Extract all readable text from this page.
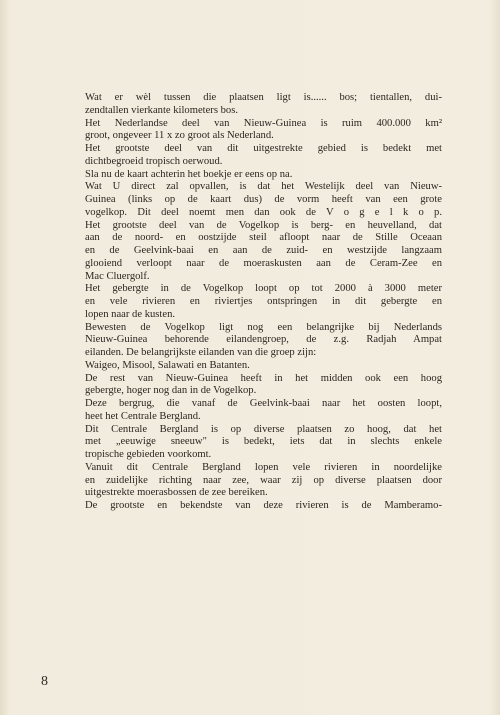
Wat er wèl tussen die plaatsen ligt is...... bos; tientallen, dui-
zendtallen vierkante kilometers bos.
Het Nederlandse deel van Nieuw-Guinea is ruim 400.000 km²
groot, ongeveer 11 x zo groot als Nederland.
Het grootste deel van dit uitgestrekte gebied is bedekt met
dichtbegroeid tropisch oerwoud.
Sla nu de kaart achterin het boekje er eens op na.
Wat U direct zal opvallen, is dat het Westelijk deel van Nieuw-
Guinea (links op de kaart dus) de vorm heeft van een grote
vogelkop. Dit deel noemt men dan ook de V o g e l k o p.
Het grootste deel van de Vogelkop is berg- en heuvelland, dat
aan de noord- en oostzijde steil afloopt naar de Stille Oceaan
en de Geelvink-baai en aan de zuid- en westzijde langzaam
glooiend verloopt naar de moeraskusten aan de Ceram-Zee en
Mac Cluergolf.
Het gebergte in de Vogelkop loopt op tot 2000 à 3000 meter
en vele rivieren en riviertjes ontspringen in dit gebergte en
lopen naar de kusten.
Bewesten de Vogelkop ligt nog een belangrijke bij Nederlands
Nieuw-Guinea behorende eilandengroep, de z.g. Radjah Ampat
eilanden. De belangrijkste eilanden van die groep zijn:
Waigeo, Misool, Salawati en Batanten.
De rest van Nieuw-Guinea heeft in het midden ook een hoog
gebergte, hoger nog dan in de Vogelkop.
Deze bergrug, die vanaf de Geelvink-baai naar het oosten loopt,
heet het Centrale Bergland.
Dit Centrale Bergland is op diverse plaatsen zo hoog, dat het
met „eeuwige sneeuw" is bedekt, iets dat in slechts enkele
tropische gebieden voorkomt.
Vanuit dit Centrale Bergland lopen vele rivieren in noordelijke
en zuidelijke richting naar zee, waar zij op diverse plaatsen door
uitgestrekte moerasbossen de zee bereiken.
De grootste en bekendste van deze rivieren is de Mamberamo-
8
